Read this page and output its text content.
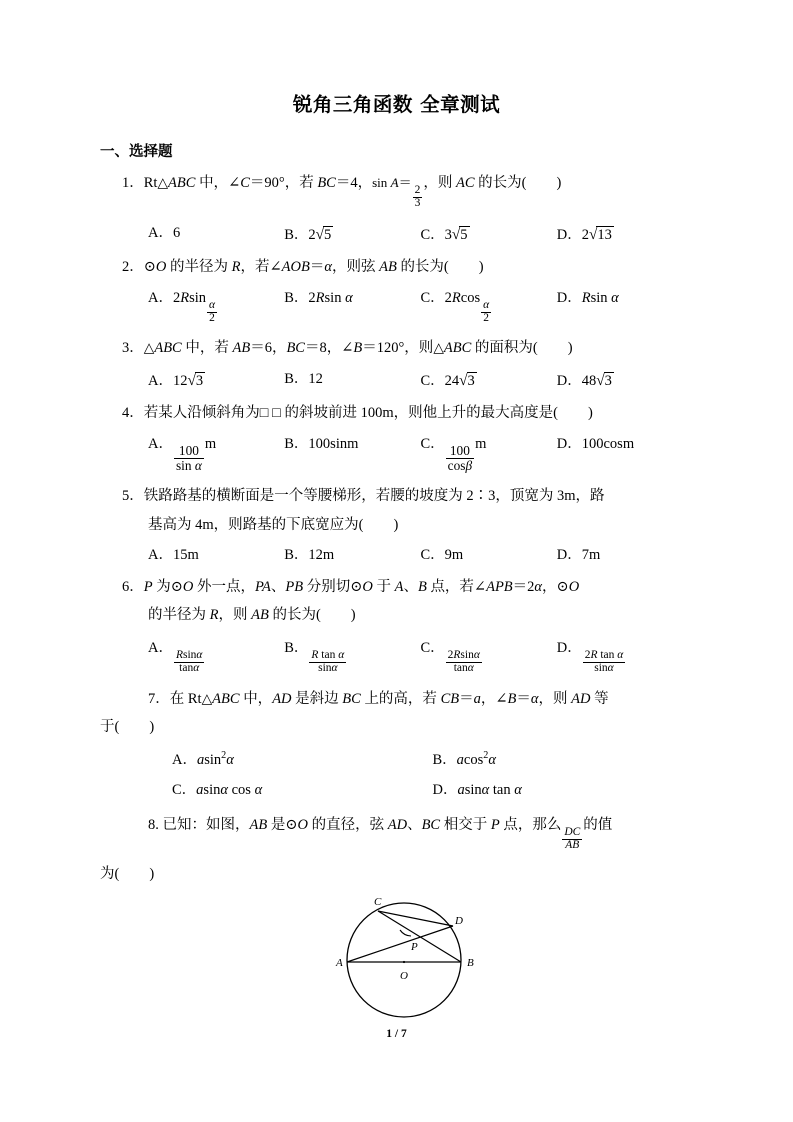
锐角三角函数 全章测试
一、选择题
1．Rt△ABC 中，∠C＝90°，若 BC＝4，sin A＝
$\frac{2}{3}$
，则 AC 的长为( )
A．6	B．2√5	C．3√5	D．2√13
2．⊙O 的半径为 R，若∠AOB＝α，则弦 AB 的长为( )
A．2Rsin
$\frac{\alpha}{2}$
B．2Rsin α	C．2Rcos
$\frac{\alpha}{2}$
D．Rsin α
3．△ABC 中，若 AB＝6，BC＝8，∠B＝120°，则△ABC 的面积为( )
A．12√3	B．12	C．24√3	D．48√3
4．若某人沿倾斜角为□ □ 的斜坡前进 100m，则他上升的最大高度是( )
A．
$\frac{100}{\text{sin α}}$
m	B．100sinm	C．
$\frac{100}{\cos\beta}$
m	D．100cosm
5．铁路路基的横断面是一个等腰梯形，若腰的坡度为 2∶3，顶宽为 3m，路
基高为 4m，则路基的下底宽应为( )
A．15m	B．12m	C．9m	D．7m
6．P 为⊙O 外一点，PA、PB 分别切⊙O 于 A、B 点，若∠APB＝2α，⊙O
的半径为 R，则 AB 的长为( )
A．
$\frac{Rsin\alpha}{\tan\alpha}$
B．
$\frac{\text{R tan α}}{\sin\alpha}$
C．
$\frac{2Rsin\alpha}{\tan\alpha}$
D．
$\frac{\text{2R tan α}}{\sin\alpha}$
7．在 Rt△ABC 中，AD 是斜边 BC 上的高，若 CB＝a，∠B＝α，则 AD 等
于( )
A．asin$^2$α	B．acos$^2$α
C．asinα cos α	D．asinα tan α
8. 已知：如图，AB 是⊙O 的直径，弦 AD、BC 相交于 P 点，那么
$\frac{DC}{AB}$
的值
为( )
A	B
C
D
O
P
1 / 7
